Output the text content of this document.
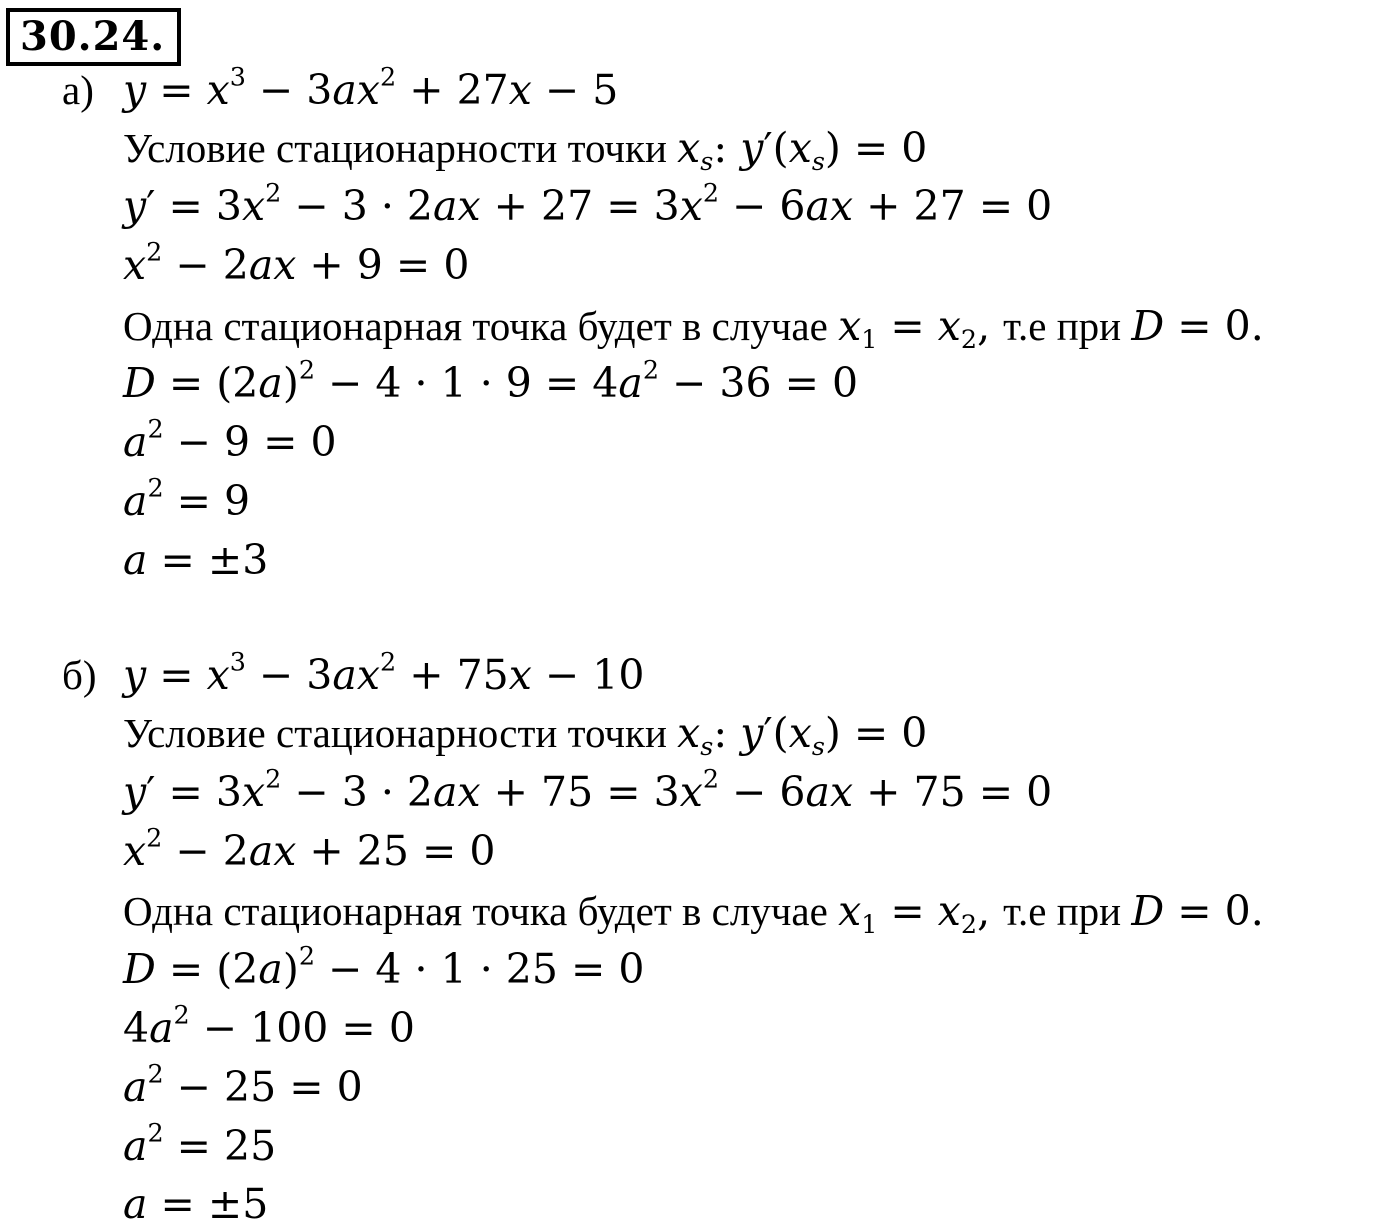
30.24.
а) $y = x^3 - 3ax^2 + 27x - 5$
Условие стационарности точки $x_s$: $y'(x_s) = 0$
$y' = 3x^2 - 3 \cdot 2ax + 27 = 3x^2 - 6ax + 27 = 0$
$x^2 - 2ax + 9 = 0$
Одна стационарная точка будет в случае $x_1 = x_2$, т.е при D = 0.
$D = (2a)^2 - 4 \cdot 1 \cdot 9 = 4a^2 - 36 = 0$
$a^2 - 9 = 0$
$a^2 = 9$
a = ±3
б) $y = x^3 - 3ax^2 + 75x - 10$
Условие стационарности точки $x_s$: $y'(x_s) = 0$
$y' = 3x^2 - 3 \cdot 2ax + 75 = 3x^2 - 6ax + 75 = 0$
$x^2 - 2ax + 25 = 0$
Одна стационарная точка будет в случае $x_1 = x_2$, т.е при D = 0.
$D = (2a)^2 - 4 \cdot 1 \cdot 25 = 0$
$4a^2 - 100 = 0$
$a^2 - 25 = 0$
$a^2 = 25$
a = ±5
